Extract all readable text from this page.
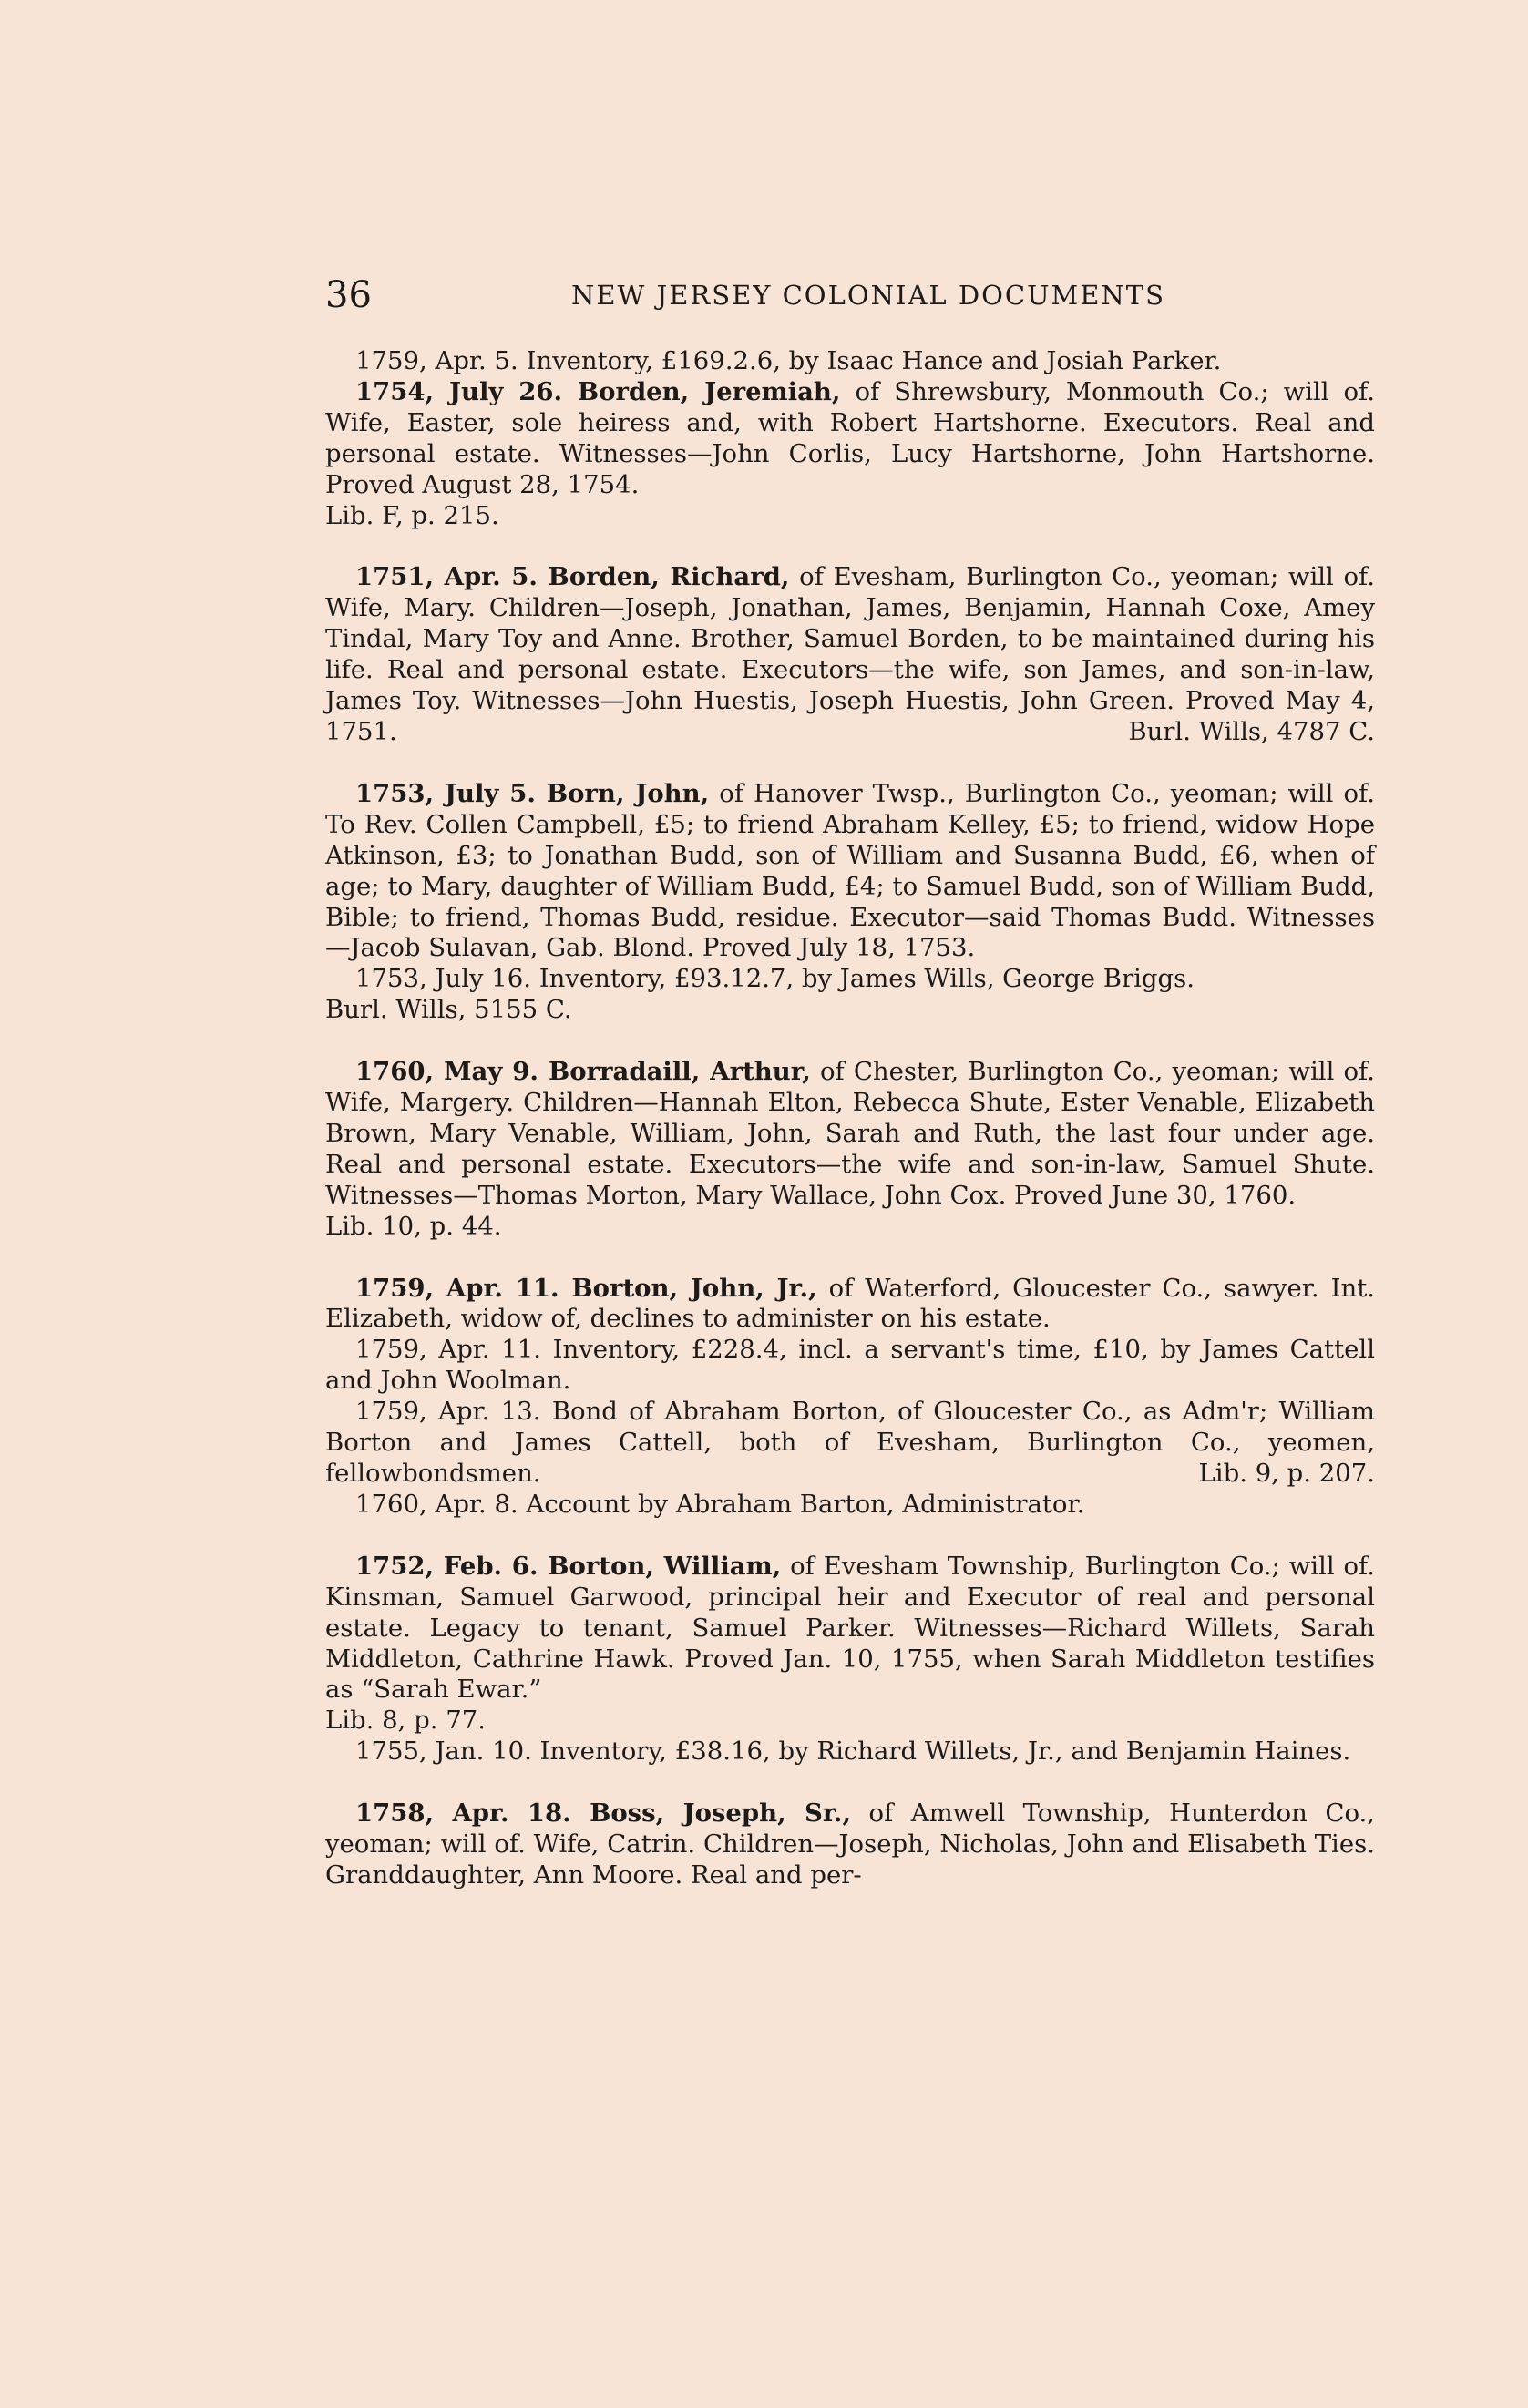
36	NEW JERSEY COLONIAL DOCUMENTS

1759, Apr. 5. Inventory, £169.2.6, by Isaac Hance and Josiah Parker.

1754, July 26. Borden, Jeremiah, of Shrewsbury, Monmouth Co.; will of. Wife, Easter, sole heiress and, with Robert Hartshorne. Executors. Real and personal estate. Witnesses—John Corlis, Lucy Hartshorne, John Hartshorne. Proved August 28, 1754.

Lib. F, p. 215.

1751, Apr. 5. Borden, Richard, of Evesham, Burlington Co., yeoman; will of. Wife, Mary. Children—Joseph, Jonathan, James, Benjamin, Hannah Coxe, Amey Tindal, Mary Toy and Anne. Brother, Samuel Borden, to be maintained during his life. Real and personal estate. Executors—the wife, son James, and son-in-law, James Toy. Witnesses—John Huestis, Joseph Huestis, John Green. Proved May 4, 1751.	Burl. Wills, 4787 C.

1753, July 5. Born, John, of Hanover Twsp., Burlington Co., yeoman; will of. To Rev. Collen Campbell, £5; to friend Abraham Kelley, £5; to friend, widow Hope Atkinson, £3; to Jonathan Budd, son of William and Susanna Budd, £6, when of age; to Mary, daughter of William Budd, £4; to Samuel Budd, son of William Budd, Bible; to friend, Thomas Budd, residue. Executor—said Thomas Budd. Witnesses—Jacob Sulavan, Gab. Blond. Proved July 18, 1753.

1753, July 16. Inventory, £93.12.7, by James Wills, George Briggs.

Burl. Wills, 5155 C.

1760, May 9. Borradaill, Arthur, of Chester, Burlington Co., yeoman; will of. Wife, Margery. Children—Hannah Elton, Rebecca Shute, Ester Venable, Elizabeth Brown, Mary Venable, William, John, Sarah and Ruth, the last four under age. Real and personal estate. Executors—the wife and son-in-law, Samuel Shute. Witnesses—Thomas Morton, Mary Wallace, John Cox. Proved June 30, 1760.

Lib. 10, p. 44.

1759, Apr. 11. Borton, John, Jr., of Waterford, Gloucester Co., sawyer. Int. Elizabeth, widow of, declines to administer on his estate.

1759, Apr. 11. Inventory, £228.4, incl. a servant's time, £10, by James Cattell and John Woolman.

1759, Apr. 13. Bond of Abraham Borton, of Gloucester Co., as Adm'r; William Borton and James Cattell, both of Evesham, Burlington Co., yeomen, fellowbondsmen.	Lib. 9, p. 207.

1760, Apr. 8. Account by Abraham Barton, Administrator.

1752, Feb. 6. Borton, William, of Evesham Township, Burlington Co.; will of. Kinsman, Samuel Garwood, principal heir and Executor of real and personal estate. Legacy to tenant, Samuel Parker. Witnesses—Richard Willets, Sarah Middleton, Cathrine Hawk. Proved Jan. 10, 1755, when Sarah Middleton testifies as “Sarah Ewar.”

Lib. 8, p. 77.

1755, Jan. 10. Inventory, £38.16, by Richard Willets, Jr., and Benjamin Haines.

1758, Apr. 18. Boss, Joseph, Sr., of Amwell Township, Hunterdon Co., yeoman; will of. Wife, Catrin. Children—Joseph, Nicholas, John and Elisabeth Ties. Granddaughter, Ann Moore. Real and per-
